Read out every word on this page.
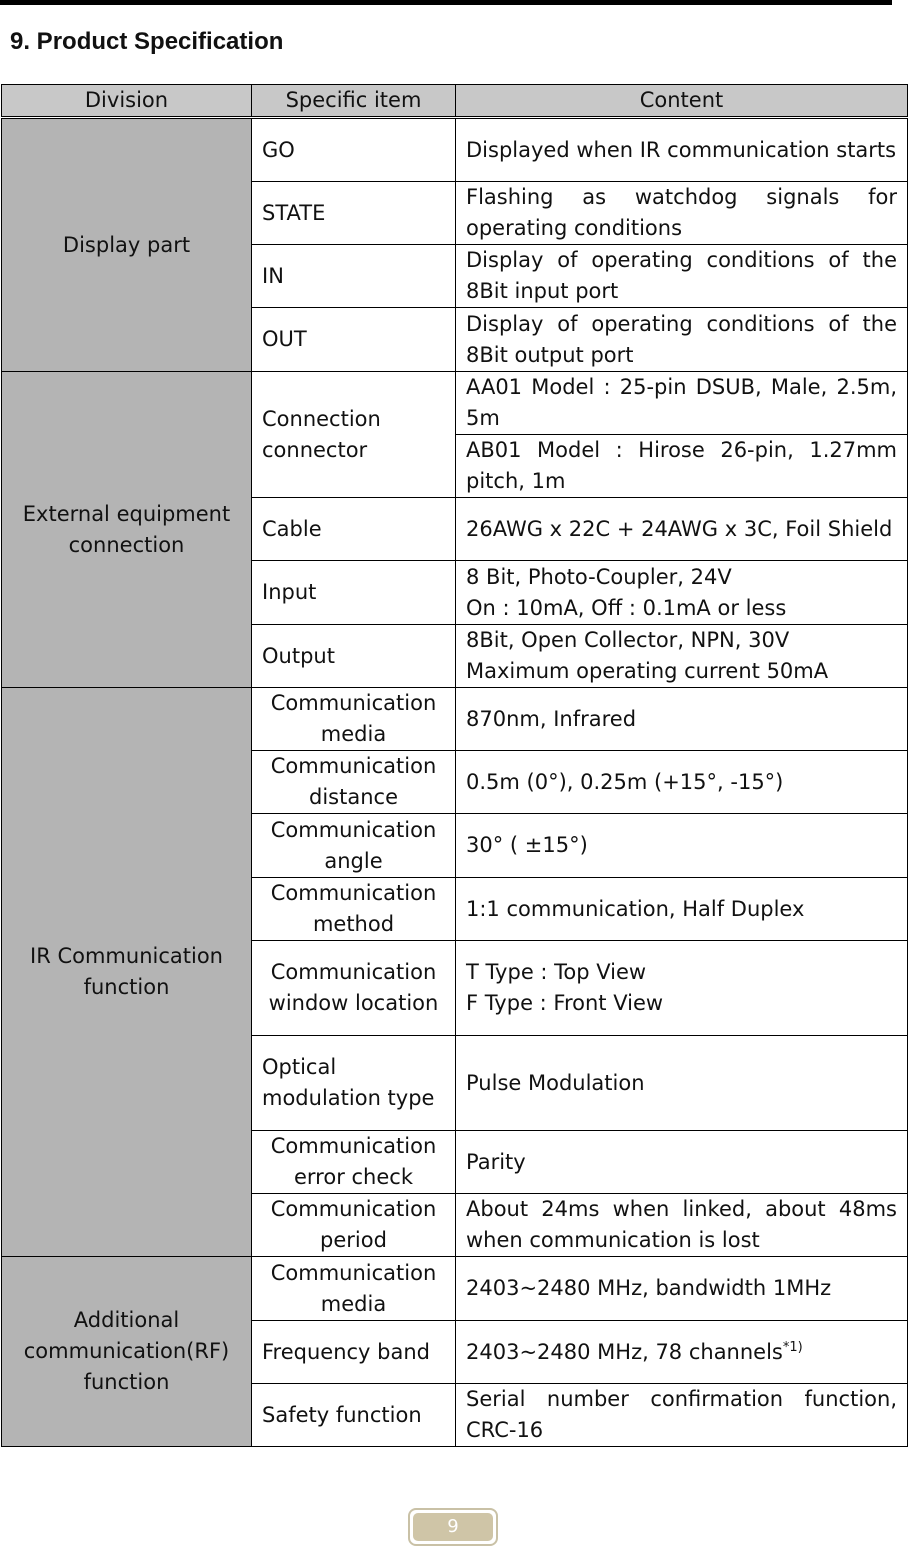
9. Product Specification
Division	Specific item	Content
Display part	GO	Displayed when IR communication starts
	STATE	Flashing as watchdog signals for operating conditions
	IN	Display of operating conditions of the 8Bit input port
	OUT	Display of operating conditions of the 8Bit output port
External equipment connection	Connection connector	AA01 Model : 25-pin DSUB, Male, 2.5m, 5m
		AB01 Model : Hirose 26-pin, 1.27mm pitch, 1m
	Cable	26AWG x 22C + 24AWG x 3C, Foil Shield
	Input	8 Bit, Photo-Coupler, 24V
On : 10mA, Off : 0.1mA or less

	Output	8Bit, Open Collector, NPN, 30V
Maximum operating current 50mA

IR Communication function	Communication media	870nm, Infrared
	Communication distance	0.5m (0°), 0.25m (+15°, -15°)
	Communication angle	30° ( ±15°)
	Communication method	1:1 communication, Half Duplex
	Communication window location	T Type : Top View
F Type : Front View

	Optical modulation type	Pulse Modulation
	Communication error check	Parity
	Communication period	About 24ms when linked, about 48ms when communication is lost
Additional communication(RF) function	Communication media	2403~2480 MHz, bandwidth 1MHz
	Frequency band	2403~2480 MHz, 78 channels$^{*1)}$
	Safety function	Serial number confirmation function, CRC-16
9
